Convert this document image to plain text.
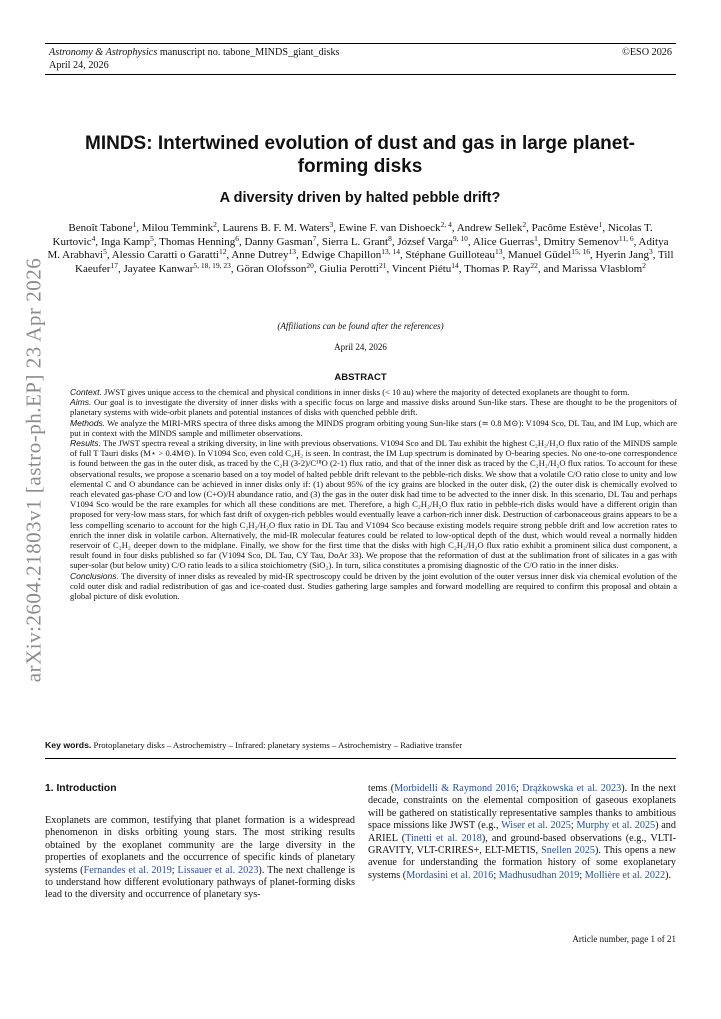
Astronomy & Astrophysics manuscript no. tabone_MINDS_giant_disks	©ESO 2026
April 24, 2026
arXiv:2604.21803v1 [astro-ph.EP] 23 Apr 2026
MINDS: Intertwined evolution of dust and gas in large planet-forming disks
A diversity driven by halted pebble drift?
Benoît Tabone$^1$, Milou Temmink$^2$, Laurens B. F. M. Waters$^3$, Ewine F. van Dishoeck$^{2, 4}$, Andrew Sellek$^2$, Pacôme Estève$^1$, Nicolas T. Kurtovic$^4$, Inga Kamp$^5$, Thomas Henning$^6$, Danny Gasman$^7$, Sierra L. Grant$^8$, József Varga$^{9, 10}$, Alice Guerras$^1$, Dmitry Semenov$^{11, 6}$, Aditya M. Arabhavi$^5$, Alessio Caratti o Garatti$^{12}$, Anne Dutrey$^{13}$, Edwige Chapillon$^{13, 14}$, Stéphane Guilloteau$^{13}$, Manuel Güdel$^{15, 16}$, Hyerin Jang$^3$, Till Kaeufer$^{17}$, Jayatee Kanwar$^{5, 18, 19, 23}$, Göran Olofsson$^{20}$, Giulia Perotti$^{21}$, Vincent Piétu$^{14}$, Thomas P. Ray$^{22}$, and Marissa Vlasblom$^2$
(Affiliations can be found after the references)
April 24, 2026
ABSTRACT

Context. JWST gives unique access to the chemical and physical conditions in inner disks (< 10 au) where the majority of detected exoplanets are thought to form.

Aims. Our goal is to investigate the diversity of inner disks with a specific focus on large and massive disks around Sun-like stars. These are thought to be the progenitors of planetary systems with wide-orbit planets and potential instances of disks with quenched pebble drift.

Methods. We analyze the MIRI-MRS spectra of three disks among the MINDS program orbiting young Sun-like stars (≃ 0.8 M⊙): V1094 Sco, DL Tau, and IM Lup, which are put in context with the MINDS sample and millimeter observations.

Results. The JWST spectra reveal a striking diversity, in line with previous observations. V1094 Sco and DL Tau exhibit the highest C₂H₂/H₂O flux ratio of the MINDS sample of full T Tauri disks (M⋆ > 0.4M⊙). In V1094 Sco, even cold C₄H₂ is seen. In contrast, the IM Lup spectrum is dominated by O-bearing species. No one-to-one correspondence is found between the gas in the outer disk, as traced by the C₂H (3-2)/C¹⁸O (2-1) flux ratio, and that of the inner disk as traced by the C₂H₂/H₂O flux ratios. To account for these observational results, we propose a scenario based on a toy model of halted pebble drift relevant to the pebble-rich disks. We show that a volatile C/O ratio close to unity and low elemental C and O abundance can be achieved in inner disks only if: (1) about 95% of the icy grains are blocked in the outer disk, (2) the outer disk is chemically evolved to reach elevated gas-phase C/O and low (C+O)/H abundance ratio, and (3) the gas in the outer disk had time to be advected to the inner disk. In this scenario, DL Tau and perhaps V1094 Sco would be the rare examples for which all these conditions are met. Therefore, a high C₂H₂/H₂O flux ratio in pebble-rich disks would have a different origin than proposed for very-low mass stars, for which fast drift of oxygen-rich pebbles would eventually leave a carbon-rich inner disk. Destruction of carbonaceous grains appears to be a less compelling scenario to account for the high C₂H₂/H₂O flux ratio in DL Tau and V1094 Sco because existing models require strong pebble drift and low accretion rates to enrich the inner disk in volatile carbon. Alternatively, the mid-IR molecular features could be related to low-optical depth of the dust, which would reveal a normally hidden reservoir of C₂H₂ deeper down to the midplane. Finally, we show for the first time that the disks with high C₂H₂/H₂O flux ratio exhibit a prominent silica dust component, a result found in four disks published so far (V1094 Sco, DL Tau, CY Tau, DoAr 33). We propose that the reformation of dust at the sublimation front of silicates in a gas with super-solar (but below unity) C/O ratio leads to a silica stoichiometry (SiO₂). In turn, silica constitutes a promising diagnostic of the C/O ratio in the inner disks.

Conclusions. The diversity of inner disks as revealed by mid-IR spectroscopy could be driven by the joint evolution of the outer versus inner disk via chemical evolution of the cold outer disk and radial redistribution of gas and ice-coated dust. Studies gathering large samples and forward modelling are required to confirm this proposal and obtain a global picture of disk evolution.

Key words. Protoplanetary disks – Astrochemistry – Infrared: planetary systems – Astrochemistry – Radiative transfer
1. Introduction
Exoplanets are common, testifying that planet formation is a widespread phenomenon in disks orbiting young stars. The most striking results obtained by the exoplanet community are the large diversity in the properties of exoplanets and the occurrence of specific kinds of planetary systems (Fernandes et al. 2019; Lissauer et al. 2023). The next challenge is to understand how different evolutionary pathways of planet-forming disks lead to the diversity and occurrence of planetary sys-
tems (Morbidelli & Raymond 2016; Drążkowska et al. 2023). In the next decade, constraints on the elemental composition of gaseous exoplanets will be gathered on statistically representative samples thanks to ambitious space missions like JWST (e.g., Wiser et al. 2025; Murphy et al. 2025) and ARIEL (Tinetti et al. 2018), and ground-based observations (e.g., VLTI-GRAVITY, VLT-CRIRES+, ELT-METIS, Snellen 2025). This opens a new avenue for understanding the formation history of some exoplanetary systems (Mordasini et al. 2016; Madhusudhan 2019; Mollière et al. 2022).
Article number, page 1 of 21
